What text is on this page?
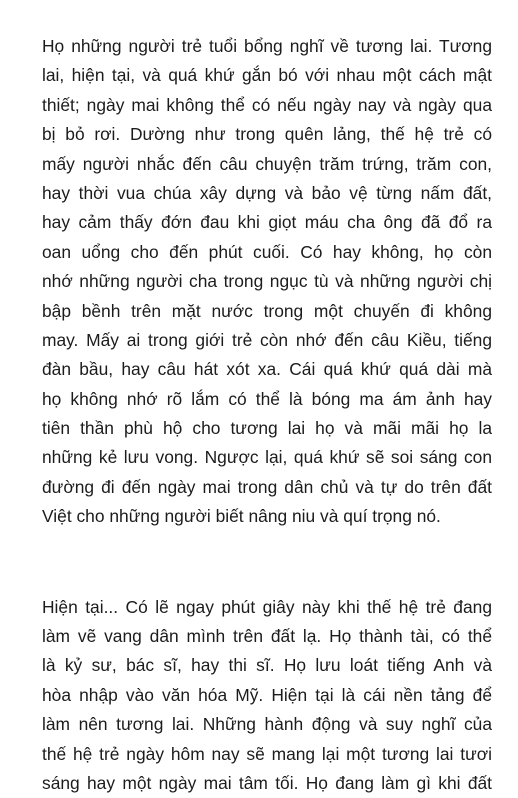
Họ những người trẻ tuổi bổng nghĩ về tương lai. Tương
lai, hiện tại, và quá khứ gắn bó với nhau một cách mật
thiết; ngày mai không thể có nếu ngày nay và ngày qua
bị bỏ rơi. Dường như trong quên lảng, thế hệ trẻ có
mấy người nhắc đến câu chuyện trăm trứng, trăm con,
hay thời vua chúa xây dựng và bảo vệ từng nấm đất,
hay cảm thấy đớn đau khi giọt máu cha ông đã đổ ra
oan uổng cho đến phút cuối. Có hay không, họ còn
nhớ những người cha trong ngục tù và những người chị
bập bềnh trên mặt nước trong một chuyến đi không
may. Mấy ai trong giới trẻ còn nhớ đến câu Kiều, tiếng
đàn bầu, hay câu hát xót xa. Cái quá khứ quá dài mà
họ không nhớ rõ lắm có thể là bóng ma ám ảnh hay
tiên thần phù hộ cho tương lai họ và mãi mãi họ la
những kẻ lưu vong. Ngược lại, quá khứ sẽ soi sáng con
đường đi đến ngày mai trong dân chủ và tự do trên đất
Việt cho những người biết nâng niu và quí trọng nó.

Hiện tại... Có lẽ ngay phút giây này khi thế hệ trẻ đang
làm vẽ vang dân mình trên đất lạ. Họ thành tài, có thể
là kỷ sư, bác sĩ, hay thi sĩ. Họ lưu loát tiếng Anh và
hòa nhập vào văn hóa Mỹ. Hiện tại là cái nền tảng để
làm nên tương lai. Những hành động và suy nghĩ của
thế hệ trẻ ngày hôm nay sẽ mang lại một tương lai tươi
sáng hay một ngày mai tâm tối. Họ đang làm gì khi đất
